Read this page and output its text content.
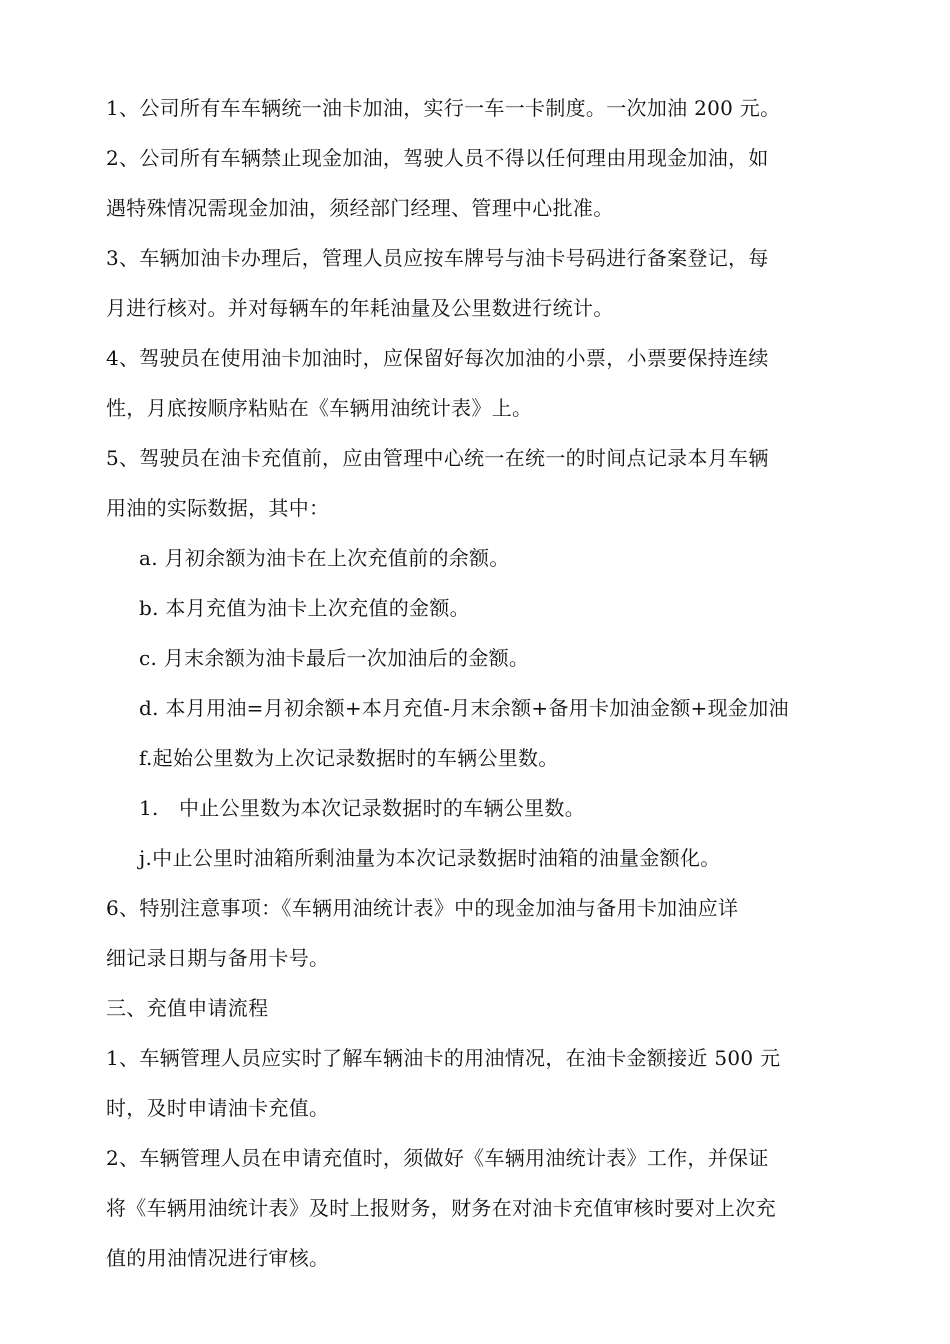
1、公司所有车车辆统一油卡加油，实行一车一卡制度。一次加油 200 元。
2、公司所有车辆禁止现金加油，驾驶人员不得以任何理由用现金加油，如
遇特殊情况需现金加油，须经部门经理、管理中心批准。
3、车辆加油卡办理后，管理人员应按车牌号与油卡号码进行备案登记，每
月进行核对。并对每辆车的年耗油量及公里数进行统计。
4、驾驶员在使用油卡加油时，应保留好每次加油的小票，小票要保持连续
性，月底按顺序粘贴在《车辆用油统计表》上。
5、驾驶员在油卡充值前，应由管理中心统一在统一的时间点记录本月车辆
用油的实际数据，其中：
a. 月初余额为油卡在上次充值前的余额。
b. 本月充值为油卡上次充值的金额。
c. 月末余额为油卡最后一次加油后的金额。
d. 本月用油=月初余额+本月充值-月末余额+备用卡加油金额+现金加油
f.起始公里数为上次记录数据时的车辆公里数。
1. 中止公里数为本次记录数据时的车辆公里数。
j.中止公里时油箱所剩油量为本次记录数据时油箱的油量金额化。
6、特别注意事项：《车辆用油统计表》中的现金加油与备用卡加油应详
细记录日期与备用卡号。
三、充值申请流程
1、车辆管理人员应实时了解车辆油卡的用油情况，在油卡金额接近 500 元
时，及时申请油卡充值。
2、车辆管理人员在申请充值时，须做好《车辆用油统计表》工作，并保证
将《车辆用油统计表》及时上报财务，财务在对油卡充值审核时要对上次充
值的用油情况进行审核。
